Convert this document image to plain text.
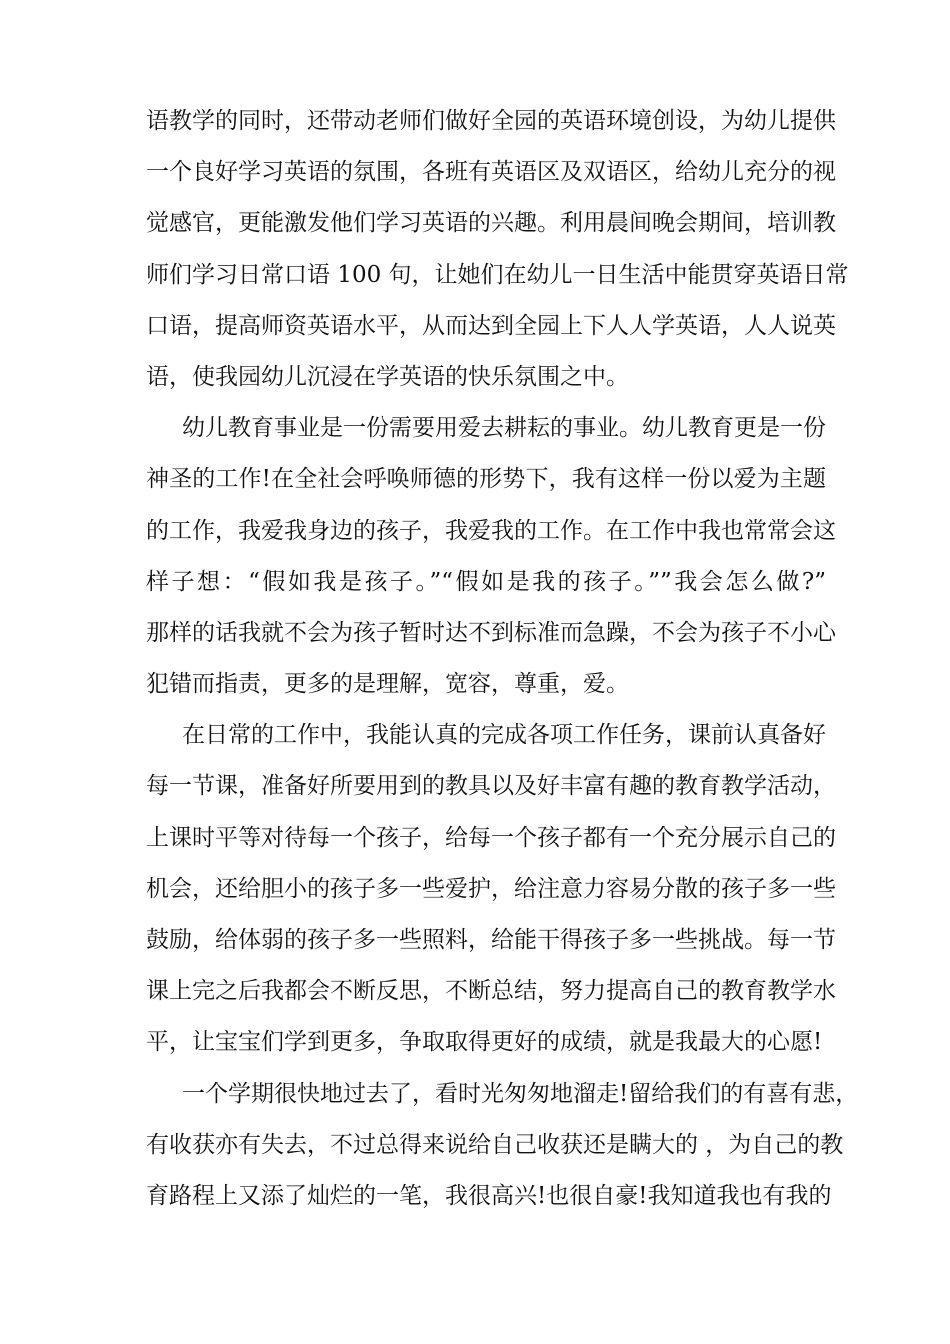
语教学的同时，还带动老师们做好全园的英语环境创设，为幼儿提供
一个良好学习英语的氛围，各班有英语区及双语区，给幼儿充分的视
觉感官，更能激发他们学习英语的兴趣。利用晨间晚会期间，培训教
师们学习日常口语 100 句，让她们在幼儿一日生活中能贯穿英语日常
口语，提高师资英语水平，从而达到全园上下人人学英语，人人说英
语，使我园幼儿沉浸在学英语的快乐氛围之中。
幼儿教育事业是一份需要用爱去耕耘的事业。幼儿教育更是一份
神圣的工作!在全社会呼唤师德的形势下，我有这样一份以爱为主题
的工作，我爱我身边的孩子，我爱我的工作。在工作中我也常常会这
样子想：“假如我是孩子。”“假如是我的孩子。””我会怎么做?”
那样的话我就不会为孩子暂时达不到标准而急躁，不会为孩子不小心
犯错而指责，更多的是理解，宽容，尊重，爱。
在日常的工作中，我能认真的完成各项工作任务，课前认真备好
每一节课，准备好所要用到的教具以及好丰富有趣的教育教学活动，
上课时平等对待每一个孩子，给每一个孩子都有一个充分展示自己的
机会，还给胆小的孩子多一些爱护，给注意力容易分散的孩子多一些
鼓励，给体弱的孩子多一些照料，给能干得孩子多一些挑战。每一节
课上完之后我都会不断反思，不断总结，努力提高自己的教育教学水
平，让宝宝们学到更多，争取取得更好的成绩，就是我最大的心愿!
一个学期很快地过去了，看时光匆匆地溜走!留给我们的有喜有悲，
有收获亦有失去，不过总得来说给自己收获还是瞒大的 ，为自己的教
育路程上又添了灿烂的一笔，我很高兴!也很自豪!我知道我也有我的
